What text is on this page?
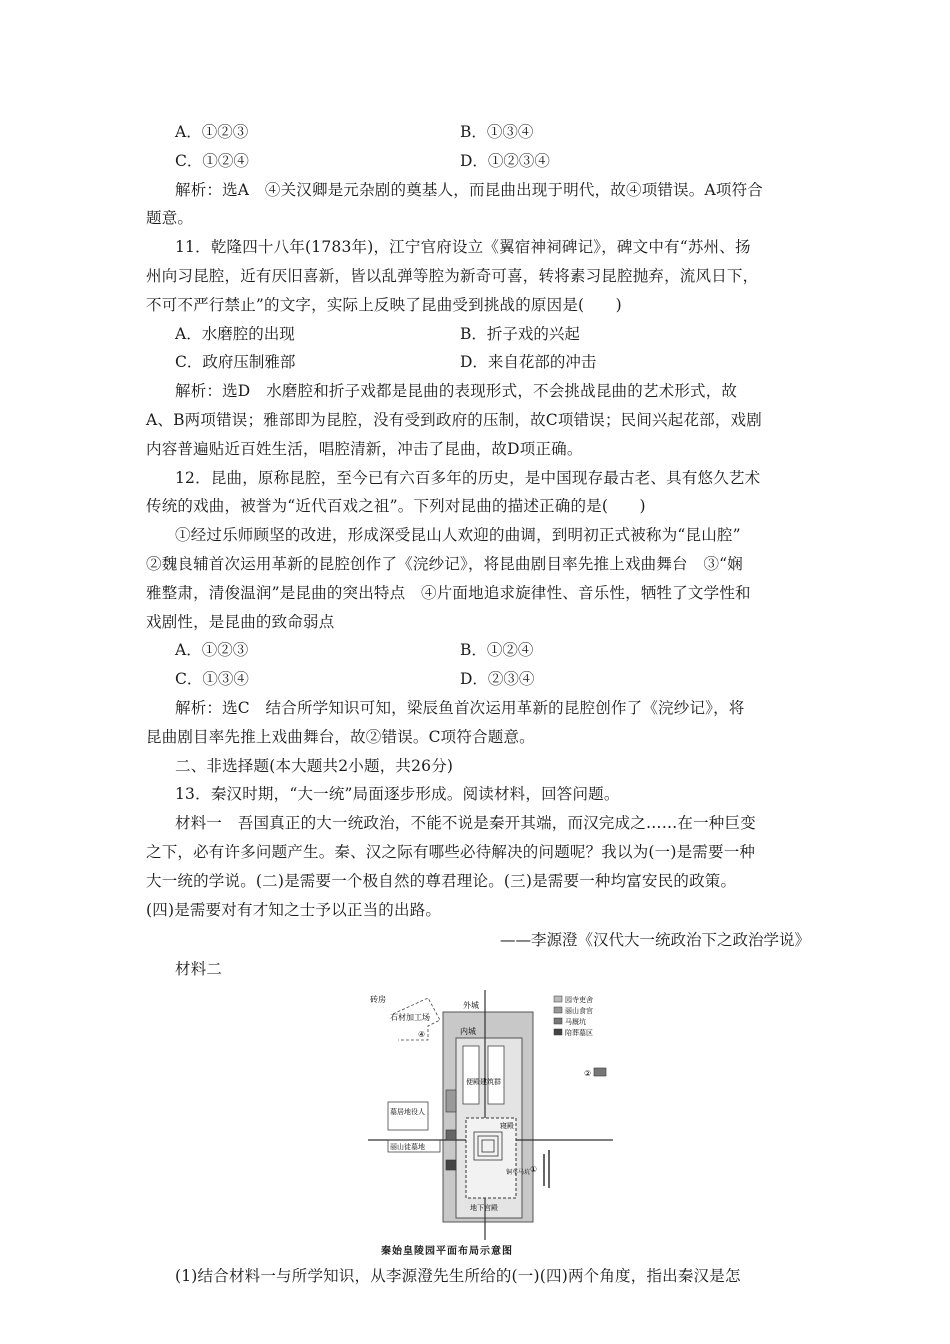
A．①②③	B．①③④
C．①②④	D．①②③④
解析：选A　④关汉卿是元杂剧的奠基人，而昆曲出现于明代，故④项错误。A项符合
题意。
11．乾隆四十八年(1783年)，江宁官府设立《翼宿神祠碑记》，碑文中有“苏州、扬
州向习昆腔，近有厌旧喜新，皆以乱弹等腔为新奇可喜，转将素习昆腔抛弃，流风日下，
不可不严行禁止”的文字，实际上反映了昆曲受到挑战的原因是(　　)
A．水磨腔的出现	B．折子戏的兴起
C．政府压制雅部	D．来自花部的冲击
解析：选D　水磨腔和折子戏都是昆曲的表现形式，不会挑战昆曲的艺术形式，故
A、B两项错误；雅部即为昆腔，没有受到政府的压制，故C项错误；民间兴起花部，戏剧
内容普遍贴近百姓生活，唱腔清新，冲击了昆曲，故D项正确。
12．昆曲，原称昆腔，至今已有六百多年的历史，是中国现存最古老、具有悠久艺术
传统的戏曲，被誉为“近代百戏之祖”。下列对昆曲的描述正确的是(　　)
①经过乐师顾坚的改进，形成深受昆山人欢迎的曲调，到明初正式被称为“昆山腔”
②魏良辅首次运用革新的昆腔创作了《浣纱记》，将昆曲剧目率先推上戏曲舞台　③“娴
雅整肃，清俊温润”是昆曲的突出特点　④片面地追求旋律性、音乐性，牺牲了文学性和
戏剧性，是昆曲的致命弱点
A．①②③	B．①②④
C．①③④	D．②③④
解析：选C　结合所学知识可知，梁辰鱼首次运用革新的昆腔创作了《浣纱记》，将
昆曲剧目率先推上戏曲舞台，故②错误。C项符合题意。
二、非选择题(本大题共2小题，共26分)
13．秦汉时期，“大一统”局面逐步形成。阅读材料，回答问题。
材料一　吾国真正的大一统政治，不能不说是秦开其端，而汉完成之……在一种巨变
之下，必有许多问题产生。秦、汉之际有哪些必待解决的问题呢？我以为(一)是需要一种
大一统的学说。(二)是需要一个极自然的尊君理论。(三)是需要一种均富安民的政策。
(四)是需要对有才知之士予以正当的出路。
——李源澄《汉代大一统政治下之政治学说》
材料二
园寺吏舍
丽山食官
马厩坑
陪葬墓区
砖房
外城
石材加工场
④	内城
墓居地役人
丽山徒墓地
便殿建筑群
寝殿
地下宫殿
铜车马坑 ①
②
秦始皇陵园平面布局示意图
(1)结合材料一与所学知识，从李源澄先生所给的(一)(四)两个角度，指出秦汉是怎
